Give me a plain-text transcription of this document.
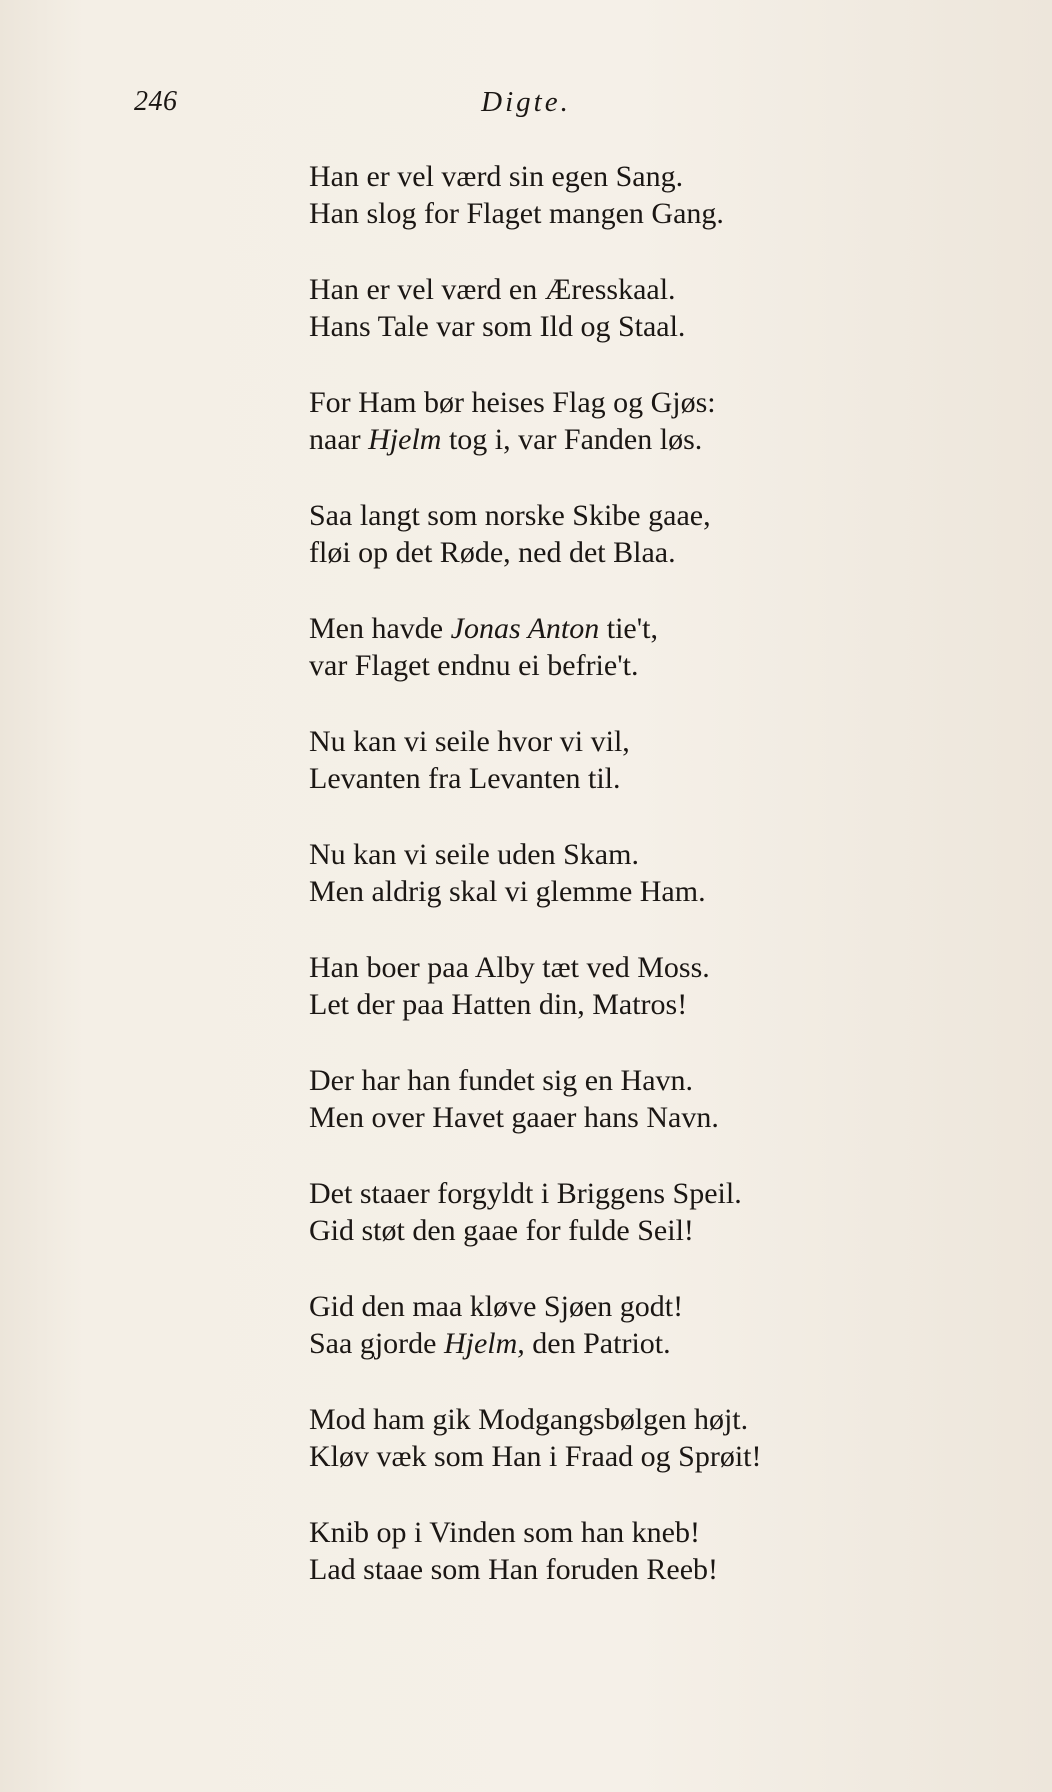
246	Digte.
Han er vel værd sin egen Sang.
Han slog for Flaget mangen Gang.
Han er vel værd en Æresskaal.
Hans Tale var som Ild og Staal.
For Ham bør heises Flag og Gjøs:
naar Hjelm tog i, var Fanden løs.
Saa langt som norske Skibe gaae,
fløi op det Røde, ned det Blaa.
Men havde Jonas Anton tie't,
var Flaget endnu ei befrie't.
Nu kan vi seile hvor vi vil,
Levanten fra Levanten til.
Nu kan vi seile uden Skam.
Men aldrig skal vi glemme Ham.
Han boer paa Alby tæt ved Moss.
Let der paa Hatten din, Matros!
Der har han fundet sig en Havn.
Men over Havet gaaer hans Navn.
Det staaer forgyldt i Briggens Speil.
Gid støt den gaae for fulde Seil!
Gid den maa kløve Sjøen godt!
Saa gjorde Hjelm, den Patriot.
Mod ham gik Modgangsbølgen højt.
Kløv væk som Han i Fraad og Sprøit!
Knib op i Vinden som han kneb!
Lad staae som Han foruden Reeb!
